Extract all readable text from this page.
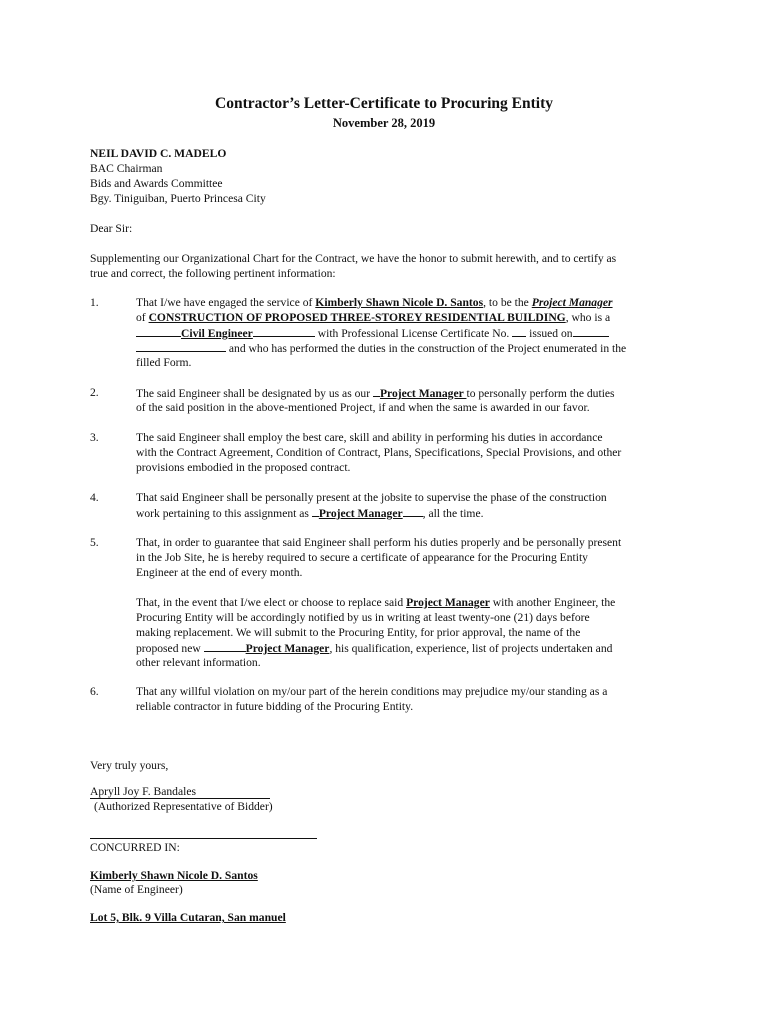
Contractor’s Letter-Certificate to Procuring Entity
November 28, 2019
NEIL DAVID C. MADELO
BAC Chairman
Bids and Awards Committee
Bgy. Tiniguiban, Puerto Princesa City
Dear Sir:
Supplementing our Organizational Chart for the Contract, we have the honor to submit herewith, and to certify as
true and correct, the following pertinent information:
1.	That I/we have engaged the service of Kimberly Shawn Nicole D. Santos, to be the Project Manager
of CONSTRUCTION OF PROPOSED THREE-STOREY RESIDENTIAL BUILDING, who is a
Civil Engineer	with Professional License Certificate No.  issued on
and who has performed the duties in the construction of the Project enumerated in the
filled Form.
2.	The said Engineer shall be designated by us as our Project Manager to personally perform the duties
of the said position in the above-mentioned Project, if and when the same is awarded in our favor.
3.	The said Engineer shall employ the best care, skill and ability in performing his duties in accordance
with the Contract Agreement, Condition of Contract, Plans, Specifications, Special Provisions, and other
provisions embodied in the proposed contract.
4.	That said Engineer shall be personally present at the jobsite to supervise the phase of the construction
work pertaining to this assignment as Project Manager , all the time.
5.	That, in order to guarantee that said Engineer shall perform his duties properly and be personally present
in the Job Site, he is hereby required to secure a certificate of appearance for the Procuring Entity
Engineer at the end of every month.
That, in the event that I/we elect or choose to replace said Project Manager with another Engineer, the
Procuring Entity will be accordingly notified by us in writing at least twenty-one (21) days before
making replacement. We will submit to the Procuring Entity, for prior approval, the name of the
proposed new	Project Manager, his qualification, experience, list of projects undertaken and
other relevant information.
6.	That any willful violation on my/our part of the herein conditions may prejudice my/our standing as a
reliable contractor in future bidding of the Procuring Entity.
Very truly yours,
Apryll Joy F. Bandales
(Authorized Representative of Bidder)
CONCURRED IN:
Kimberly Shawn Nicole D. Santos
(Name of Engineer)
Lot 5, Blk. 9 Villa Cutaran, San manuel
